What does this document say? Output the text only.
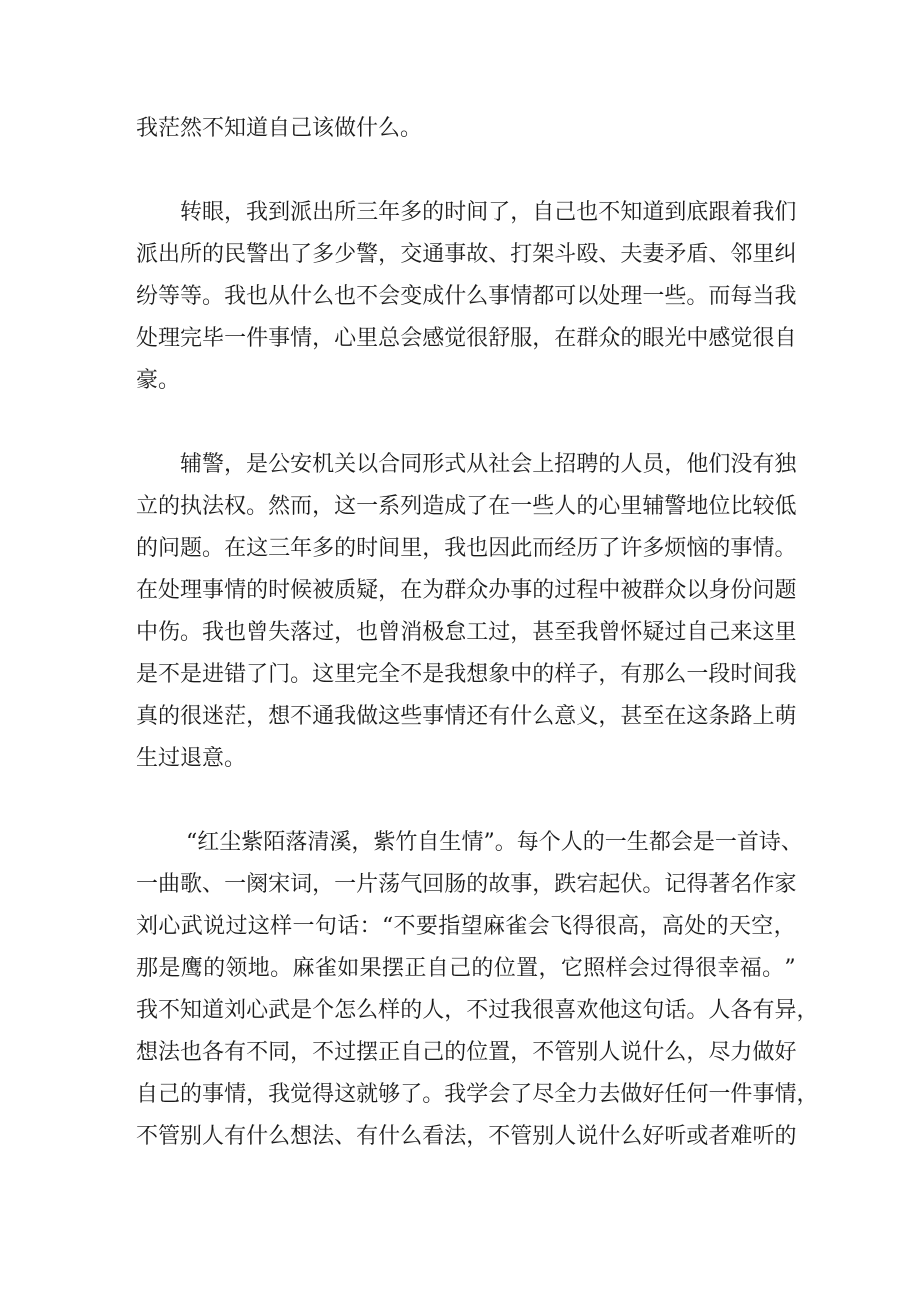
我茫然不知道自己该做什么。
转 眼 ， 我 到 派 出 所 三 年 多 的 时 间 了 ， 自 己 也 不 知 道 到 底 跟 着 我 们
派 出 所 的 民 警 出 了 多 少 警 ， 交 通 事 故 、 打 架 斗 殴 、 夫 妻 矛 盾 、 邻 里 纠
纷 等 等 。 我 也 从 什 么 也 不 会 变 成 什 么 事 情 都 可 以 处 理 一 些 。 而 每 当 我
处 理 完 毕 一 件 事 情 ， 心 里 总 会 感 觉 很 舒 服 ， 在 群 众 的 眼 光 中 感 觉 很 自
豪。
辅 警 ， 是 公 安 机 关 以 合 同 形 式 从 社 会 上 招 聘 的 人 员 ， 他 们 没 有 独
立 的 执 法 权 。 然 而 ， 这 一 系 列 造 成 了 在 一 些 人 的 心 里 辅 警 地 位 比 较 低
的 问 题 。 在 这 三 年 多 的 时 间 里 ， 我 也 因 此 而 经 历 了 许 多 烦 恼 的 事 情 。
在 处 理 事 情 的 时 候 被 质 疑 ， 在 为 群 众 办 事 的 过 程 中 被 群 众 以 身 份 问 题
中 伤 。 我 也 曾 失 落 过 ， 也 曾 消 极 怠 工 过 ， 甚 至 我 曾 怀 疑 过 自 己 来 这 里
是 不 是 进 错 了 门 。 这 里 完 全 不 是 我 想 象 中 的 样 子 ， 有 那 么 一 段 时 间 我
真 的 很 迷 茫 ， 想 不 通 我 做 这 些 事 情 还 有 什 么 意 义 ， 甚 至 在 这 条 路 上 萌
生过退意。
“ 红 尘 紫 陌 落 清 溪 ， 紫 竹 自 生 情 ” 。 每 个 人 的 一 生 都 会 是 一 首 诗 、
一 曲 歌 、 一 阕 宋 词 ， 一 片 荡 气 回 肠 的 故 事 ， 跌 宕 起 伏 。 记 得 著 名 作 家
刘 心 武 说 过 这 样 一 句 话 ： “ 不 要 指 望 麻 雀 会 飞 得 很 高 ， 高 处 的 天 空 ，
那 是 鹰 的 领 地 。 麻 雀 如 果 摆 正 自 己 的 位 置 ， 它 照 样 会 过 得 很 幸 福 。 ”
我 不 知 道 刘 心 武 是 个 怎 么 样 的 人 ， 不 过 我 很 喜 欢 他 这 句 话 。 人 各 有 异 ，
想 法 也 各 有 不 同 ， 不 过 摆 正 自 己 的 位 置 ， 不 管 别 人 说 什 么 ， 尽 力 做 好
自 己 的 事 情 ， 我 觉 得 这 就 够 了 。 我 学 会 了 尽 全 力 去 做 好 任 何 一 件 事 情 ，
不 管 别 人 有 什 么 想 法 、 有 什 么 看 法 ， 不 管 别 人 说 什 么 好 听 或 者 难 听 的
